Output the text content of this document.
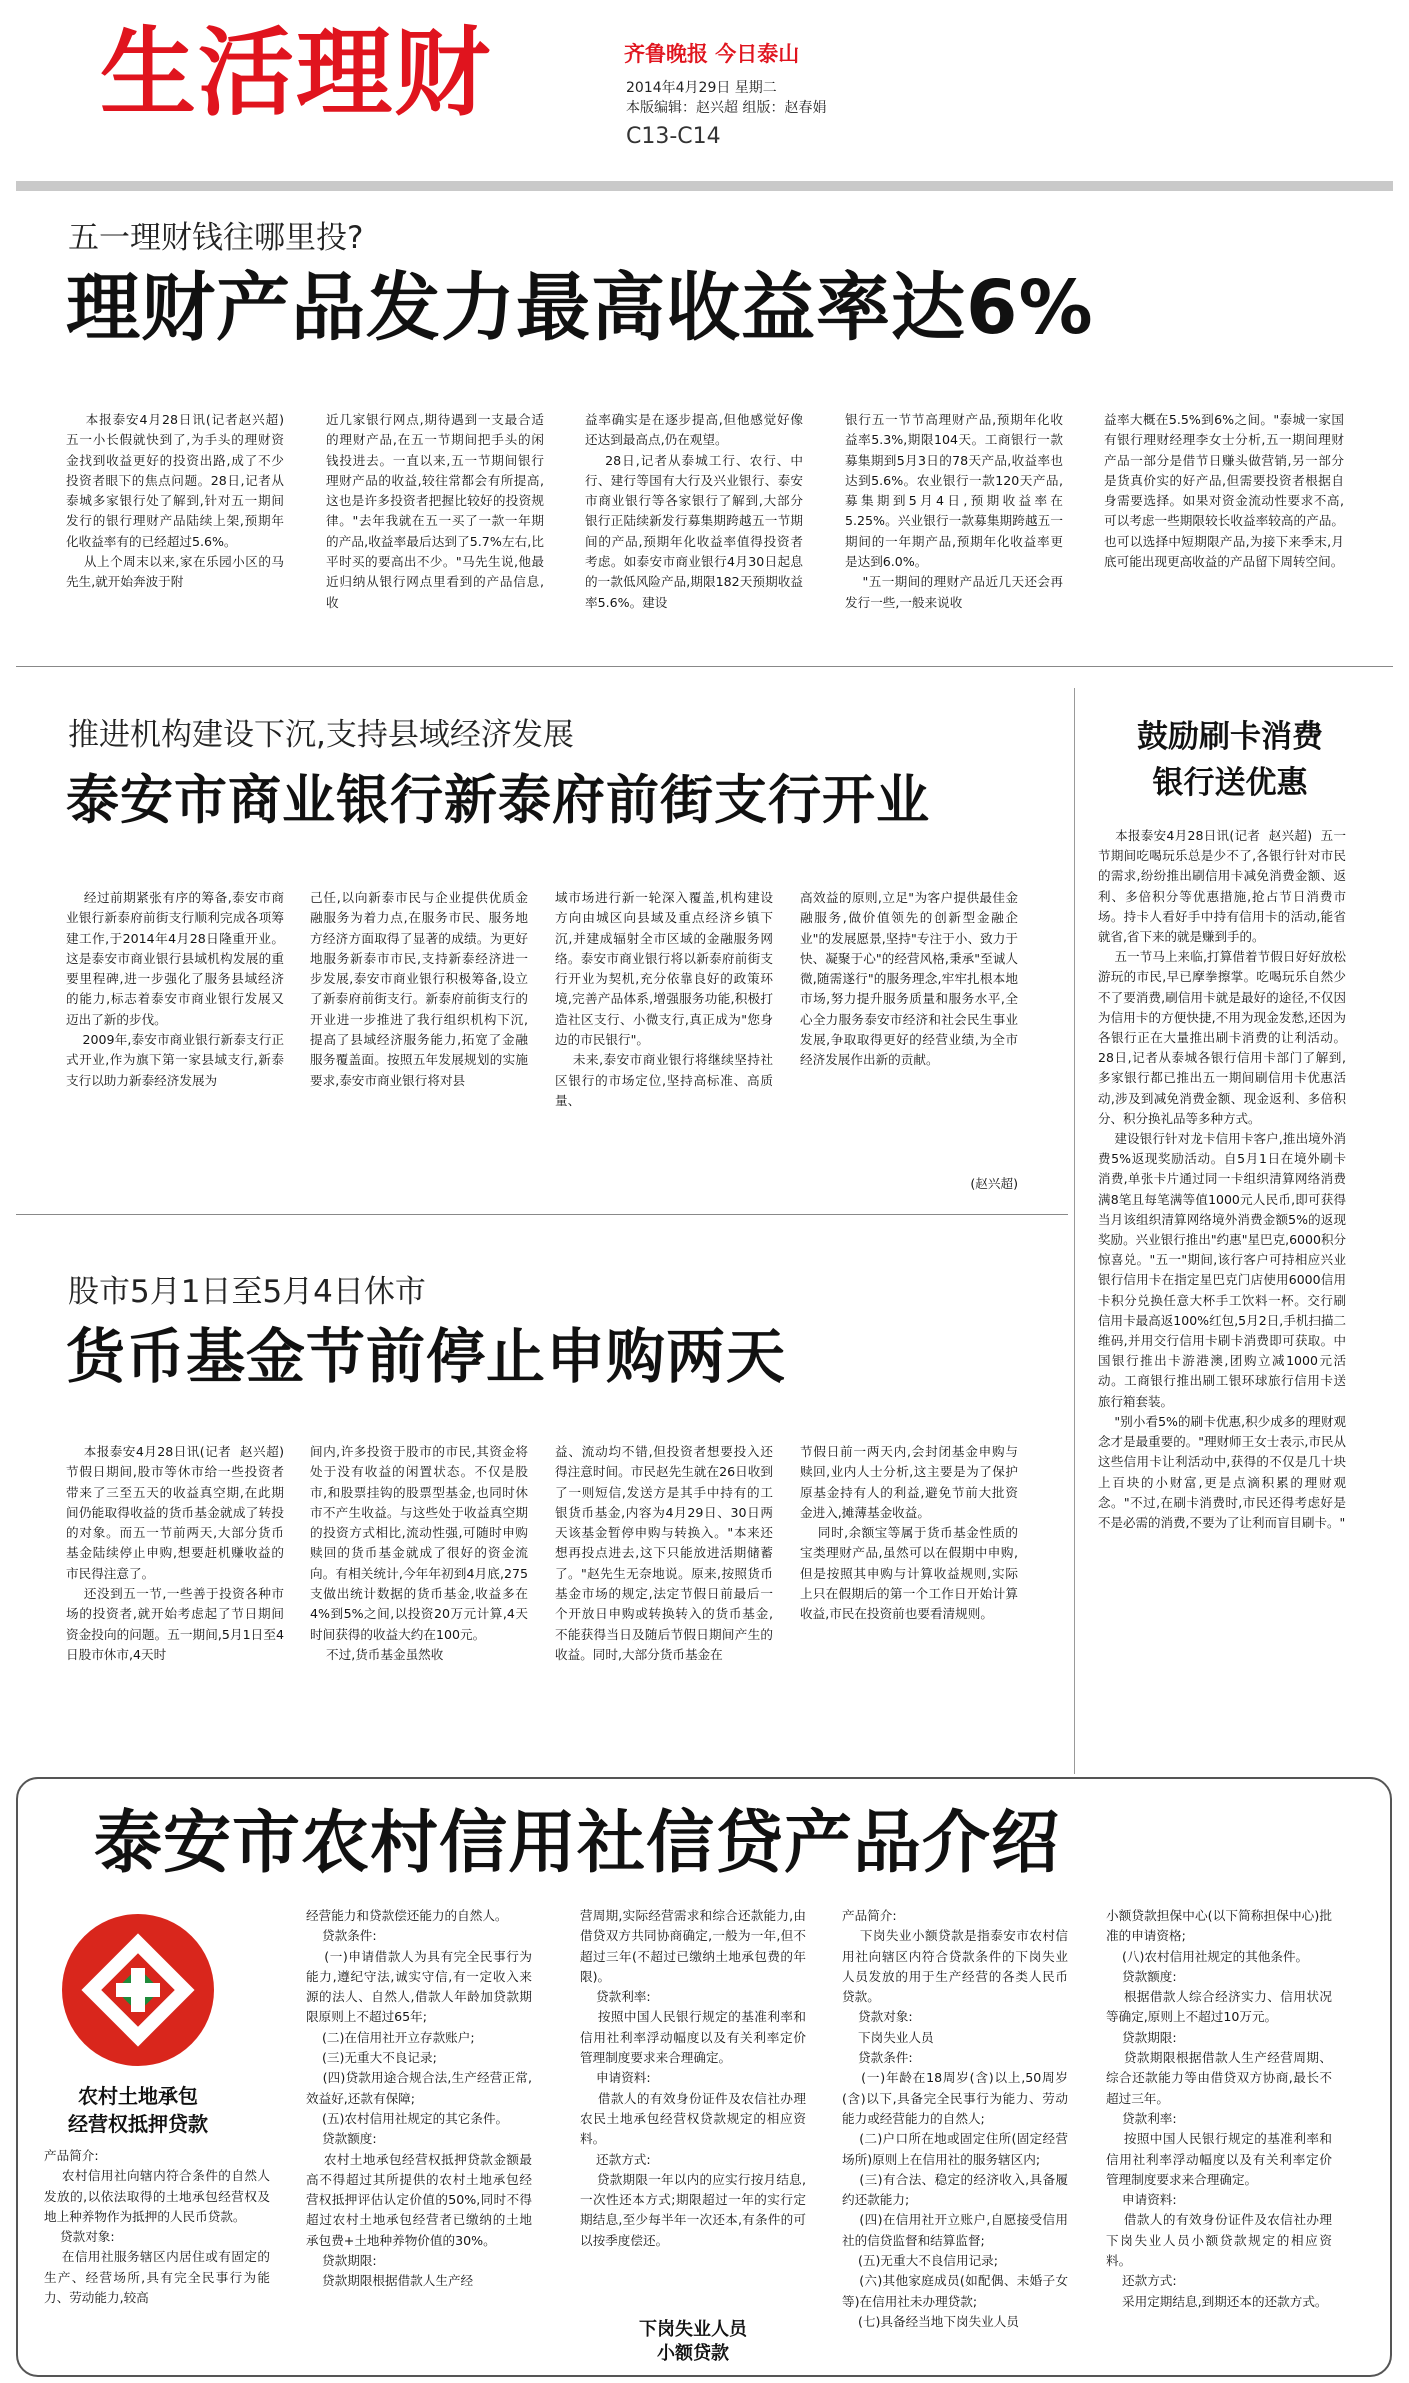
生活理财	齐鲁晚报 今日泰山
2014年4月29日 星期二
本版编辑：赵兴超 组版：赵春娟
C13-C14
五一理财钱往哪里投?
理财产品发力最高收益率达6%
本报泰安4月28日讯(记者赵兴超)  五一小长假就快到了,为手头的理财资金找到收益更好的投资出路,成了不少投资者眼下的焦点问题。28日,记者从泰城多家银行处了解到,针对五一期间发行的银行理财产品陆续上架,预期年化收益率有的已经超过5.6%。
从上个周末以来,家在乐园小区的马先生,就开始奔波于附
近几家银行网点,期待遇到一支最合适的理财产品,在五一节期间把手头的闲钱投进去。一直以来,五一节期间银行理财产品的收益,较往常都会有所提高,这也是许多投资者把握比较好的投资规律。"去年我就在五一买了一款一年期的产品,收益率最后达到了5.7%左右,比平时买的要高出不少。"马先生说,他最近归纳从银行网点里看到的产品信息,收
益率确实是在逐步提高,但他感觉好像还达到最高点,仍在观望。
28日,记者从泰城工行、农行、中行、建行等国有大行及兴业银行、泰安市商业银行等各家银行了解到,大部分银行正陆续新发行募集期跨越五一节期间的产品,预期年化收益率值得投资者考虑。如泰安市商业银行4月30日起息的一款低风险产品,期限182天预期收益率5.6%。建设
银行五一节节高理财产品,预期年化收益率5.3%,期限104天。工商银行一款募集期到5月3日的78天产品,收益率也达到5.6%。农业银行一款120天产品,募集期到5月4日,预期收益率在5.25%。兴业银行一款募集期跨越五一期间的一年期产品,预期年化收益率更是达到6.0%。
"五一期间的理财产品近几天还会再发行一些,一般来说收
益率大概在5.5%到6%之间。"泰城一家国有银行理财经理李女士分析,五一期间理财产品一部分是借节日赚头做营销,另一部分是货真价实的好产品,但需要投资者根据自身需要选择。如果对资金流动性要求不高,可以考虑一些期限较长收益率较高的产品。也可以选择中短期限产品,为接下来季末,月底可能出现更高收益的产品留下周转空间。
推进机构建设下沉,支持县域经济发展
泰安市商业银行新泰府前街支行开业
经过前期紧张有序的筹备,泰安市商业银行新泰府前街支行顺利完成各项筹建工作,于2014年4月28日隆重开业。这是泰安市商业银行县域机构发展的重要里程碑,进一步强化了服务县域经济的能力,标志着泰安市商业银行发展又迈出了新的步伐。
2009年,泰安市商业银行新泰支行正式开业,作为旗下第一家县域支行,新泰支行以助力新泰经济发展为
己任,以向新泰市民与企业提供优质金融服务为着力点,在服务市民、服务地方经济方面取得了显著的成绩。为更好地服务新泰市市民,支持新泰经济进一步发展,泰安市商业银行积极筹备,设立了新泰府前街支行。新泰府前街支行的开业进一步推进了我行组织机构下沉,提高了县域经济服务能力,拓宽了金融服务覆盖面。按照五年发展规划的实施要求,泰安市商业银行将对县
域市场进行新一轮深入覆盖,机构建设方向由城区向县域及重点经济乡镇下沉,并建成辐射全市区域的金融服务网络。泰安市商业银行将以新泰府前街支行开业为契机,充分依靠良好的政策环境,完善产品体系,增强服务功能,积极打造社区支行、小微支行,真正成为"您身边的市民银行"。
未来,泰安市商业银行将继续坚持社区银行的市场定位,坚持高标准、高质量、
高效益的原则,立足"为客户提供最佳金融服务,做价值领先的创新型金融企业"的发展愿景,坚持"专注于小、致力于快、凝聚于心"的经营风格,秉承"至诚人微,随需遂行"的服务理念,牢牢扎根本地市场,努力提升服务质量和服务水平,全心全力服务泰安市经济和社会民生事业发展,争取取得更好的经营业绩,为全市经济发展作出新的贡献。
(赵兴超)
鼓励刷卡消费
银行送优惠
本报泰安4月28日讯(记者  赵兴超)  五一节期间吃喝玩乐总是少不了,各银行针对市民的需求,纷纷推出刷信用卡减免消费金额、返利、多倍积分等优惠措施,抢占节日消费市场。持卡人看好手中持有信用卡的活动,能省就省,省下来的就是赚到手的。
五一节马上来临,打算借着节假日好好放松游玩的市民,早已摩拳擦掌。吃喝玩乐自然少不了要消费,刷信用卡就是最好的途径,不仅因为信用卡的方便快捷,不用为现金发愁,还因为各银行正在大量推出刷卡消费的让利活动。28日,记者从泰城各银行信用卡部门了解到,多家银行都已推出五一期间刷信用卡优惠活动,涉及到减免消费金额、现金返利、多倍积分、积分换礼品等多种方式。
建设银行针对龙卡信用卡客户,推出境外消费5%返现奖励活动。自5月1日在境外刷卡消费,单张卡片通过同一卡组织清算网络消费满8笔且每笔满等值1000元人民币,即可获得当月该组织清算网络境外消费金额5%的返现奖励。兴业银行推出"约惠"星巴克,6000积分惊喜兑。"五一"期间,该行客户可持相应兴业银行信用卡在指定星巴克门店使用6000信用卡积分兑换任意大杯手工饮料一杯。交行刷信用卡最高返100%红包,5月2日,手机扫描二维码,并用交行信用卡刷卡消费即可获取。中国银行推出卡游港澳,团购立减1000元活动。工商银行推出刷工银环球旅行信用卡送旅行箱套装。
"别小看5%的刷卡优惠,积少成多的理财观念才是最重要的。"理财师王女士表示,市民从这些信用卡让利活动中,获得的不仅是几十块上百块的小财富,更是点滴积累的理财观念。"不过,在刷卡消费时,市民还得考虑好是不是必需的消费,不要为了让利而盲目刷卡。"
股市5月1日至5月4日休市
货币基金节前停止申购两天
本报泰安4月28日讯(记者  赵兴超)  节假日期间,股市等休市给一些投资者带来了三至五天的收益真空期,在此期间仍能取得收益的货币基金就成了转投的对象。而五一节前两天,大部分货币基金陆续停止申购,想要赶机赚收益的市民得注意了。
还没到五一节,一些善于投资各种市场的投资者,就开始考虑起了节日期间资金投向的问题。五一期间,5月1日至4日股市休市,4天时
间内,许多投资于股市的市民,其资金将处于没有收益的闲置状态。不仅是股市,和股票挂钩的股票型基金,也同时休市不产生收益。与这些处于收益真空期的投资方式相比,流动性强,可随时申购赎回的货币基金就成了很好的资金流向。有相关统计,今年年初到4月底,275支做出统计数据的货币基金,收益多在4%到5%之间,以投资20万元计算,4天时间获得的收益大约在100元。
不过,货币基金虽然收
益、流动均不错,但投资者想要投入还得注意时间。市民赵先生就在26日收到了一则短信,发送方是其手中持有的工银货币基金,内容为4月29日、30日两天该基金暂停申购与转换入。"本来还想再投点进去,这下只能放进活期储蓄了。"赵先生无奈地说。原来,按照货币基金市场的规定,法定节假日前最后一个开放日申购或转换转入的货币基金,不能获得当日及随后节假日期间产生的收益。同时,大部分货币基金在
节假日前一两天内,会封闭基金申购与赎回,业内人士分析,这主要是为了保护原基金持有人的利益,避免节前大批资金进入,摊薄基金收益。
同时,余额宝等属于货币基金性质的宝类理财产品,虽然可以在假期中申购,但是按照其申购与计算收益规则,实际上只在假期后的第一个工作日开始计算收益,市民在投资前也要看清规则。
泰安市农村信用社信贷产品介绍
农村土地承包
经营权抵押贷款
产品简介:
农村信用社向辖内符合条件的自然人发放的,以依法取得的土地承包经营权及地上种养物作为抵押的人民币贷款。
贷款对象:
在信用社服务辖区内居住或有固定的生产、经营场所,具有完全民事行为能力、劳动能力,较高
经营能力和贷款偿还能力的自然人。
贷款条件:
(一)申请借款人为具有完全民事行为能力,遵纪守法,诚实守信,有一定收入来源的法人、自然人,借款人年龄加贷款期限原则上不超过65年;
(二)在信用社开立存款账户;
(三)无重大不良记录;
(四)贷款用途合规合法,生产经营正常,效益好,还款有保障;
(五)农村信用社规定的其它条件。
贷款额度:
农村土地承包经营权抵押贷款金额最高不得超过其所提供的农村土地承包经营权抵押评估认定价值的50%,同时不得超过农村土地承包经营者已缴纳的土地承包费+土地种养物价值的30%。
贷款期限:
贷款期限根据借款人生产经
营周期,实际经营需求和综合还款能力,由借贷双方共同协商确定,一般为一年,但不超过三年(不超过已缴纳土地承包费的年限)。
贷款利率:
按照中国人民银行规定的基准利率和信用社利率浮动幅度以及有关利率定价管理制度要求来合理确定。
申请资料:
借款人的有效身份证件及农信社办理农民土地承包经营权贷款规定的相应资料。
还款方式:
贷款期限一年以内的应实行按月结息,一次性还本方式;期限超过一年的实行定期结息,至少每半年一次还本,有条件的可以按季度偿还。
下岗失业人员
小额贷款
产品简介:
下岗失业小额贷款是指泰安市农村信用社向辖区内符合贷款条件的下岗失业人员发放的用于生产经营的各类人民币贷款。
贷款对象:
下岗失业人员
贷款条件:
(一)年龄在18周岁(含)以上,50周岁(含)以下,具备完全民事行为能力、劳动能力或经营能力的自然人;
(二)户口所在地或固定住所(固定经营场所)原则上在信用社的服务辖区内;
(三)有合法、稳定的经济收入,具备履约还款能力;
(四)在信用社开立账户,自愿接受信用社的信贷监督和结算监督;
(五)无重大不良信用记录;
(六)其他家庭成员(如配偶、未婚子女等)在信用社未办理贷款;
(七)具备经当地下岗失业人员
小额贷款担保中心(以下简称担保中心)批准的申请资格;
(八)农村信用社规定的其他条件。
贷款额度:
根据借款人综合经济实力、信用状况等确定,原则上不超过10万元。
贷款期限:
贷款期限根据借款人生产经营周期、综合还款能力等由借贷双方协商,最长不超过三年。
贷款利率:
按照中国人民银行规定的基准利率和信用社利率浮动幅度以及有关利率定价管理制度要求来合理确定。
申请资料:
借款人的有效身份证件及农信社办理下岗失业人员小额贷款规定的相应资料。
还款方式:
采用定期结息,到期还本的还款方式。
